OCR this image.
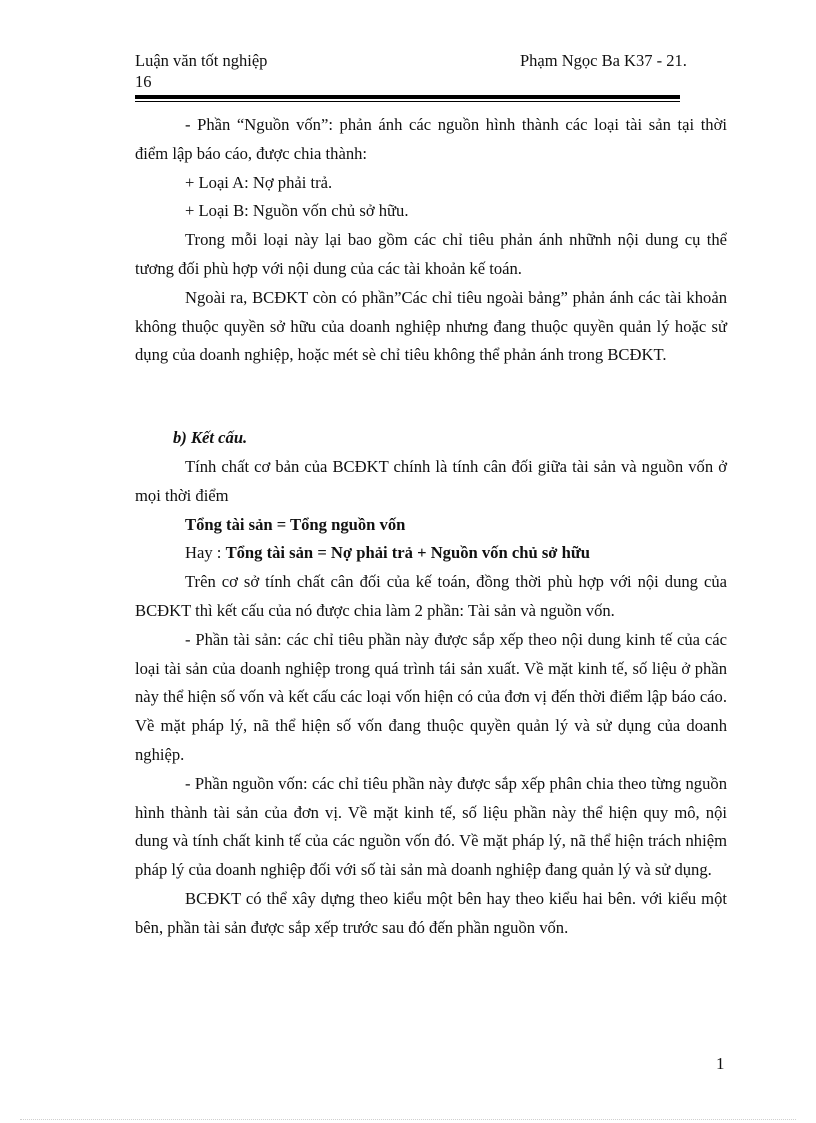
Luận văn tốt nghiệp	Phạm Ngọc Ba K37 - 21.
16

- Phần “Nguồn vốn”: phản ánh các nguồn hình thành các loại tài sản tại thời điểm lập báo cáo, được chia thành:

+ Loại A: Nợ phải trả.

+ Loại B: Nguồn vốn chủ sở hữu.

Trong mỗi loại này lại bao gồm các chỉ tiêu phản ánh nhữnh nội dung cụ thể tương đối phù hợp với nội dung của các tài khoản kế toán.

Ngoài ra, BCĐKT còn có phần”Các chỉ tiêu ngoài bảng” phản ánh các tài khoản không thuộc quyền sở hữu của doanh nghiệp nhưng đang thuộc quyền quản lý hoặc sử dụng của doanh nghiệp, hoặc mét sè chỉ tiêu không thể phản ánh trong BCĐKT.

b) Kết cấu.

Tính chất cơ bản của BCĐKT chính là tính cân đối giữa tài sản và nguồn vốn ở mọi thời điểm

Tổng tài sản = Tổng nguồn vốn

Hay : Tổng tài sản = Nợ phải trả + Nguồn vốn chủ sở hữu

Trên cơ sở tính chất cân đối của kế toán, đồng thời phù hợp với nội dung của BCĐKT thì kết cấu của nó được chia làm 2 phần: Tài sản và nguồn vốn.

- Phần tài sản: các chỉ tiêu phần này được sắp xếp theo nội dung kinh tế của các loại tài sản của doanh nghiệp trong quá trình tái sản xuất. Về mặt kinh tế, số liệu ở phần này thể hiện số vốn và kết cấu các loại vốn hiện có của đơn vị đến thời điểm lập báo cáo. Về mặt pháp lý, nã thể hiện số vốn đang thuộc quyền quản lý và sử dụng của doanh nghiệp.

- Phần nguồn vốn: các chỉ tiêu phần này được sắp xếp phân chia theo từng nguồn hình thành tài sản của đơn vị. Về mặt kinh tế, số liệu phần này thể hiện quy mô, nội dung và tính chất kinh tế của các nguồn vốn đó. Về mặt pháp lý, nã thể hiện trách nhiệm pháp lý của doanh nghiệp đối với số tài sản mà doanh nghiệp đang quản lý và sử dụng.

BCĐKT có thể xây dựng theo kiểu một bên hay theo kiểu hai bên. với kiểu một bên, phần tài sản được sắp xếp trước sau đó đến phần nguồn vốn.

1
